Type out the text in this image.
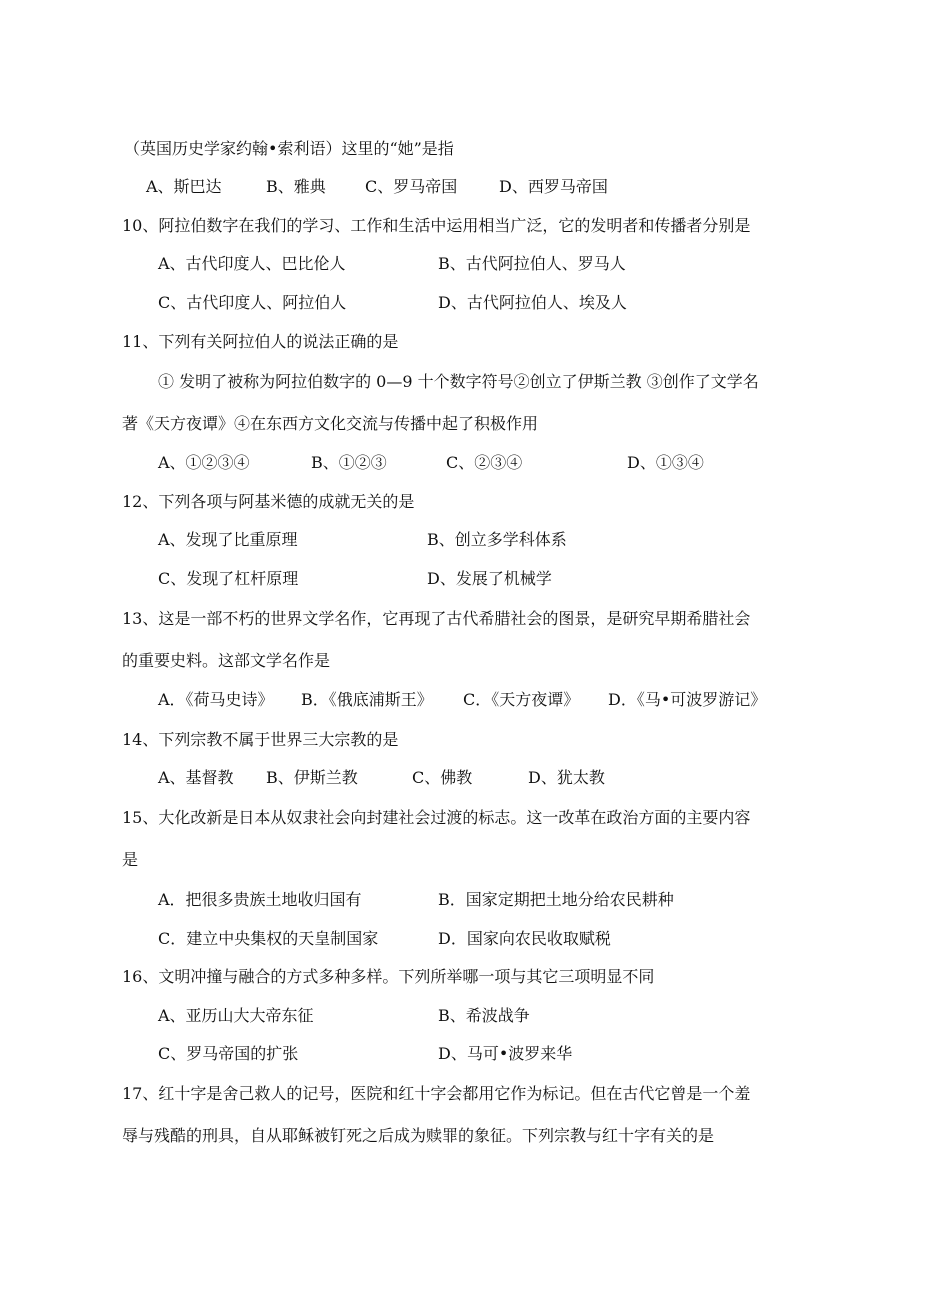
（英国历史学家约翰•索利语）这里的“她”是指
A、斯巴达	B、雅典 C、罗马帝国	D、西罗马帝国
10、阿拉伯数字在我们的学习、工作和生活中运用相当广泛，它的发明者和传播者分别是
A、古代印度人、巴比伦人	B、古代阿拉伯人、罗马人
C、古代印度人、阿拉伯人	D、古代阿拉伯人、埃及人
11、下列有关阿拉伯人的说法正确的是
① 发明了被称为阿拉伯数字的 0—9 十个数字符号②创立了伊斯兰教 ③创作了文学名
著《天方夜谭》④在东西方文化交流与传播中起了积极作用
A、①②③④	B、①②③	C、②③④	D、①③④
12、下列各项与阿基米德的成就无关的是
A、发现了比重原理	B、创立多学科体系
C、发现了杠杆原理	D、发展了机械学
13、这是一部不朽的世界文学名作，它再现了古代希腊社会的图景，是研究早期希腊社会
的重要史料。这部文学名作是
A．《荷马史诗》 B．《俄底浦斯王》 C．《天方夜谭》 D．《马•可波罗游记》
14、下列宗教不属于世界三大宗教的是
A、基督教 B、伊斯兰教	C、佛教	D、犹太教
15、大化改新是日本从奴隶社会向封建社会过渡的标志。这一改革在政治方面的主要内容
是
A．把很多贵族土地收归国有	B．国家定期把土地分给农民耕种
C．建立中央集权的天皇制国家	D．国家向农民收取赋税
16、文明冲撞与融合的方式多种多样。下列所举哪一项与其它三项明显不同
A、亚历山大大帝东征	B、希波战争
C、罗马帝国的扩张	D、马可•波罗来华
17、红十字是舍己救人的记号，医院和红十字会都用它作为标记。但在古代它曾是一个羞
辱与残酷的刑具，自从耶稣被钉死之后成为赎罪的象征。下列宗教与红十字有关的是
